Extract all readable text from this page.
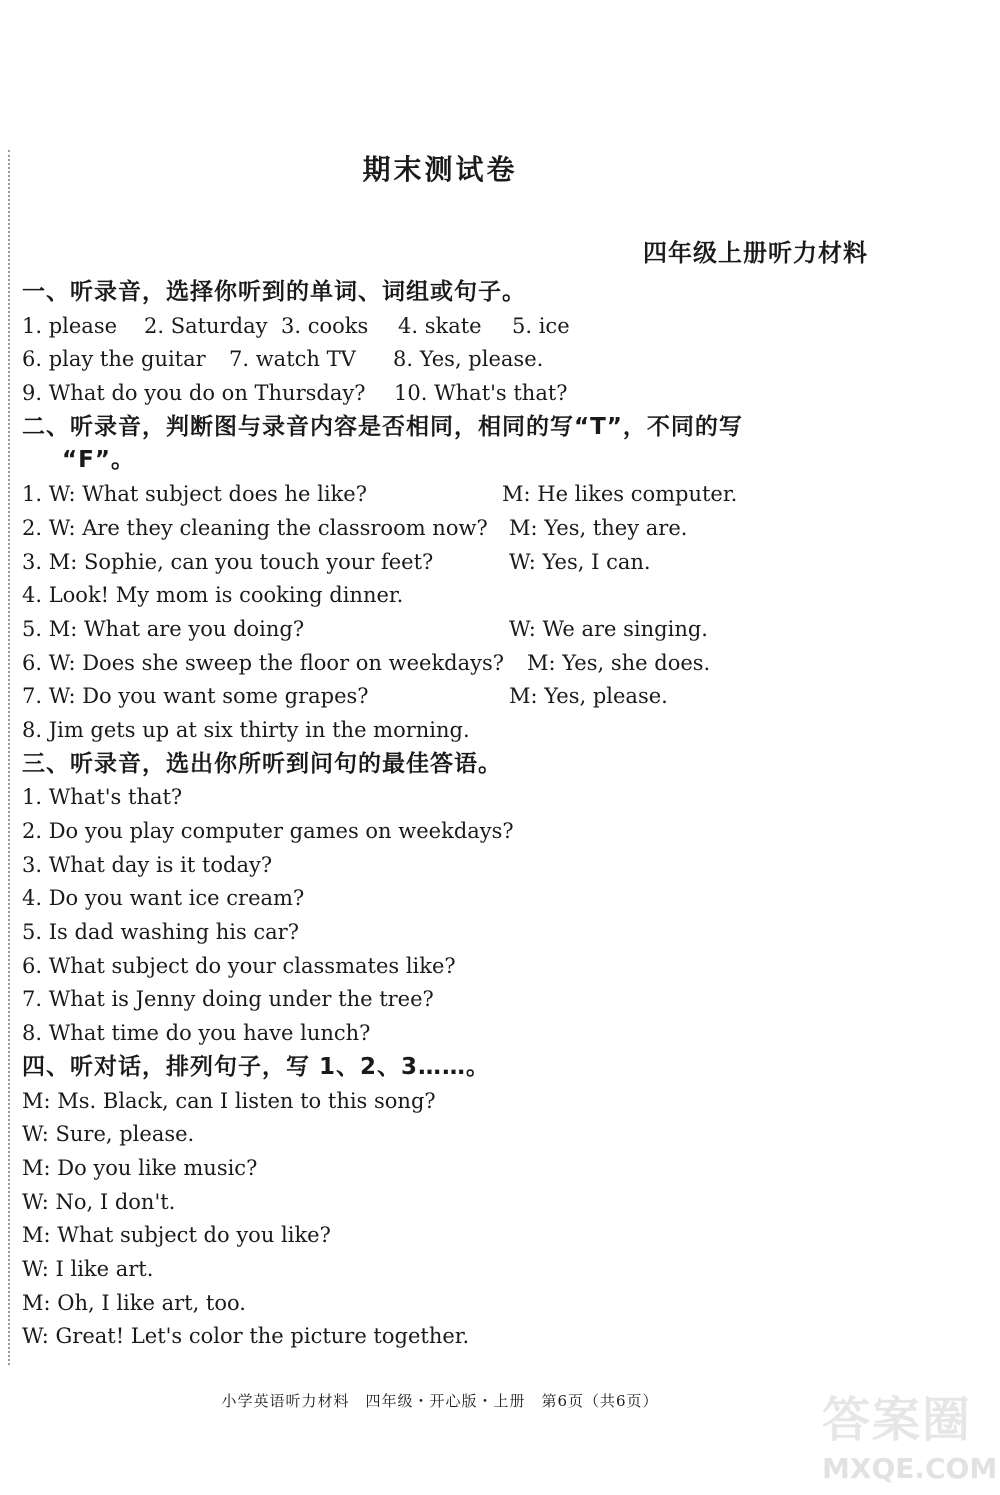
期末测试卷
四年级上册听力材料
一、听录音，选择你听到的单词、词组或句子。
1. please 2. Saturday 3. cooks 4. skate 5. ice
6. play the guitar 7. watch TV 8. Yes, please.
9. What do you do on Thursday? 10. What's that?
二、听录音，判断图与录音内容是否相同，相同的写“T”，不同的写
“F”。
1. W: What subject does he like?	M: He likes computer.
2. W: Are they cleaning the classroom now? M: Yes, they are.
3. M: Sophie, can you touch your feet?	W: Yes, I can.
4. Look! My mom is cooking dinner.
5. M: What are you doing?	W: We are singing.
6. W: Does she sweep the floor on weekdays? M: Yes, she does.
7. W: Do you want some grapes?	M: Yes, please.
8. Jim gets up at six thirty in the morning.
三、听录音，选出你所听到问句的最佳答语。
1. What's that?
2. Do you play computer games on weekdays?
3. What day is it today?
4. Do you want ice cream?
5. Is dad washing his car?
6. What subject do your classmates like?
7. What is Jenny doing under the tree?
8. What time do you have lunch?
四、听对话，排列句子，写 1、2、3……。
M: Ms. Black, can I listen to this song?
W: Sure, please.
M: Do you like music?
W: No, I don't.
M: What subject do you like?
W: I like art.
M: Oh, I like art, too.
W: Great! Let's color the picture together.
小学英语听力材料　四年级・开心版・上册　第6页（共6页）	答案圈
MXQE.COM
